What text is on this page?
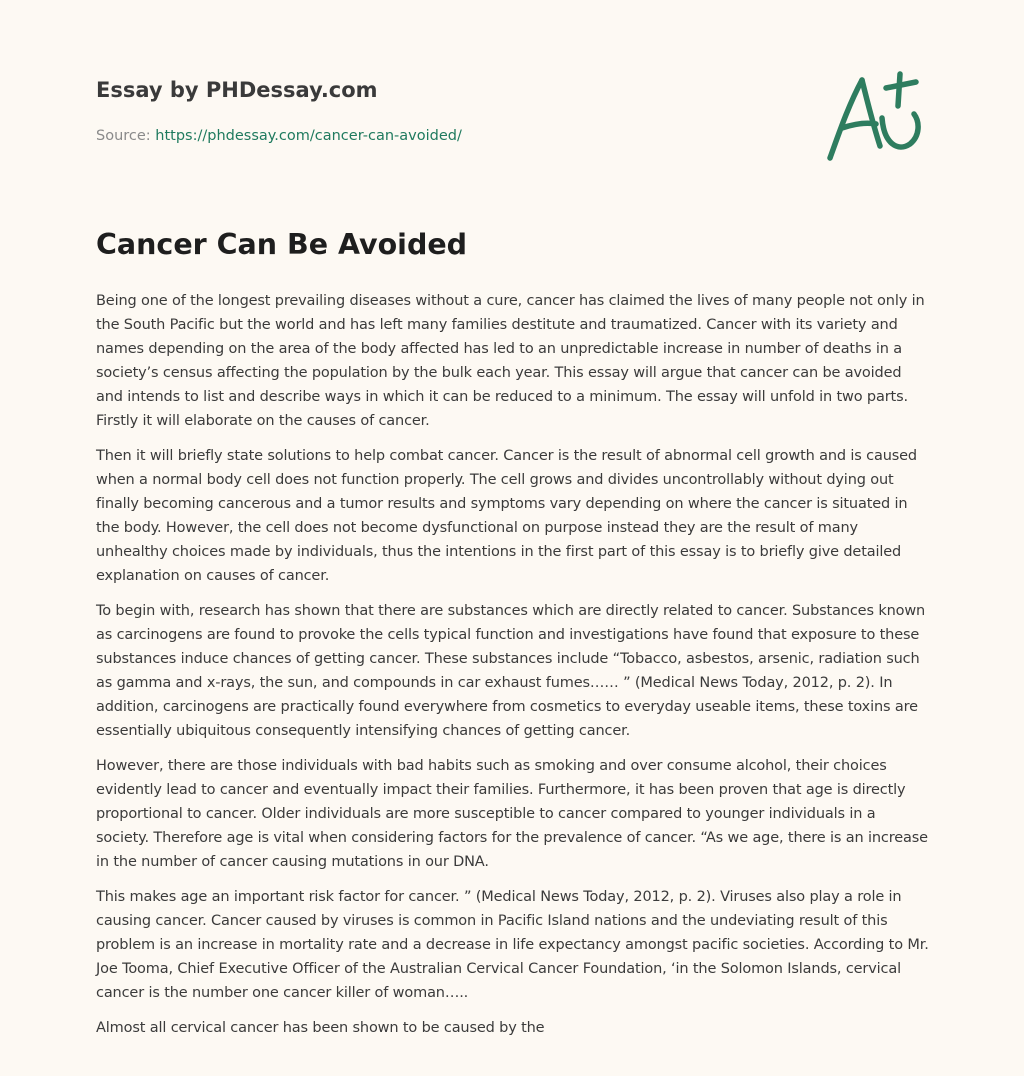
Essay by PHDessay.com
Source: https://phdessay.com/cancer-can-avoided/
Cancer Can Be Avoided

Being one of the longest prevailing diseases without a cure, cancer has claimed the lives of many people not only in the South Pacific but the world and has left many families destitute and traumatized. Cancer with its variety and names depending on the area of the body affected has led to an unpredictable increase in number of deaths in a society’s census affecting the population by the bulk each year. This essay will argue that cancer can be avoided and intends to list and describe ways in which it can be reduced to a minimum. The essay will unfold in two parts. Firstly it will elaborate on the causes of cancer.

Then it will briefly state solutions to help combat cancer. Cancer is the result of abnormal cell growth and is caused when a normal body cell does not function properly. The cell grows and divides uncontrollably without dying out finally becoming cancerous and a tumor results and symptoms vary depending on where the cancer is situated in the body. However, the cell does not become dysfunctional on purpose instead they are the result of many unhealthy choices made by individuals, thus the intentions in the first part of this essay is to briefly give detailed explanation on causes of cancer.

To begin with, research has shown that there are substances which are directly related to cancer. Substances known as carcinogens are found to provoke the cells typical function and investigations have found that exposure to these substances induce chances of getting cancer. These substances include “Tobacco, asbestos, arsenic, radiation such as gamma and x-rays, the sun, and compounds in car exhaust fumes…… ” (Medical News Today, 2012, p. 2). In addition, carcinogens are practically found everywhere from cosmetics to everyday useable items, these toxins are essentially ubiquitous consequently intensifying chances of getting cancer.

However, there are those individuals with bad habits such as smoking and over consume alcohol, their choices evidently lead to cancer and eventually impact their families. Furthermore, it has been proven that age is directly proportional to cancer. Older individuals are more susceptible to cancer compared to younger individuals in a society. Therefore age is vital when considering factors for the prevalence of cancer. “As we age, there is an increase in the number of cancer causing mutations in our DNA.

This makes age an important risk factor for cancer. ” (Medical News Today, 2012, p. 2). Viruses also play a role in causing cancer. Cancer caused by viruses is common in Pacific Island nations and the undeviating result of this problem is an increase in mortality rate and a decrease in life expectancy amongst pacific societies. According to Mr. Joe Tooma, Chief Executive Officer of the Australian Cervical Cancer Foundation, ‘in the Solomon Islands, cervical cancer is the number one cancer killer of woman…..

Almost all cervical cancer has been shown to be caused by the
